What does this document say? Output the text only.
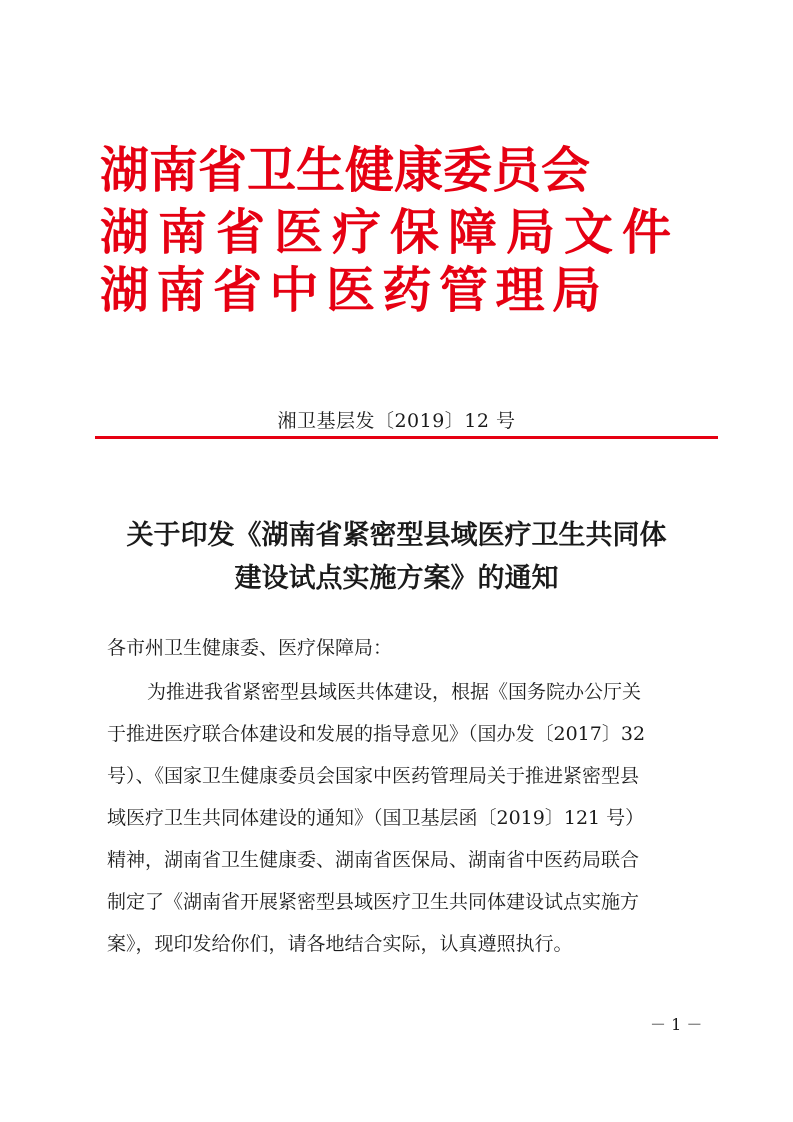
湖南省卫生健康委员会
湖南省医疗保障局文件
湖南省中医药管理局
湘卫基层发〔2019〕12 号
关于印发《湖南省紧密型县域医疗卫生共同体
建设试点实施方案》的通知
各市州卫生健康委、医疗保障局：
为推进我省紧密型县域医共体建设，根据《国务院办公厅关
于推进医疗联合体建设和发展的指导意见》（国办发〔2017〕32
号）、《国家卫生健康委员会国家中医药管理局关于推进紧密型县
域医疗卫生共同体建设的通知》（国卫基层函〔2019〕121 号）
精神，湖南省卫生健康委、湖南省医保局、湖南省中医药局联合
制定了《湖南省开展紧密型县域医疗卫生共同体建设试点实施方
案》，现印发给你们，请各地结合实际，认真遵照执行。
－ 1 －
